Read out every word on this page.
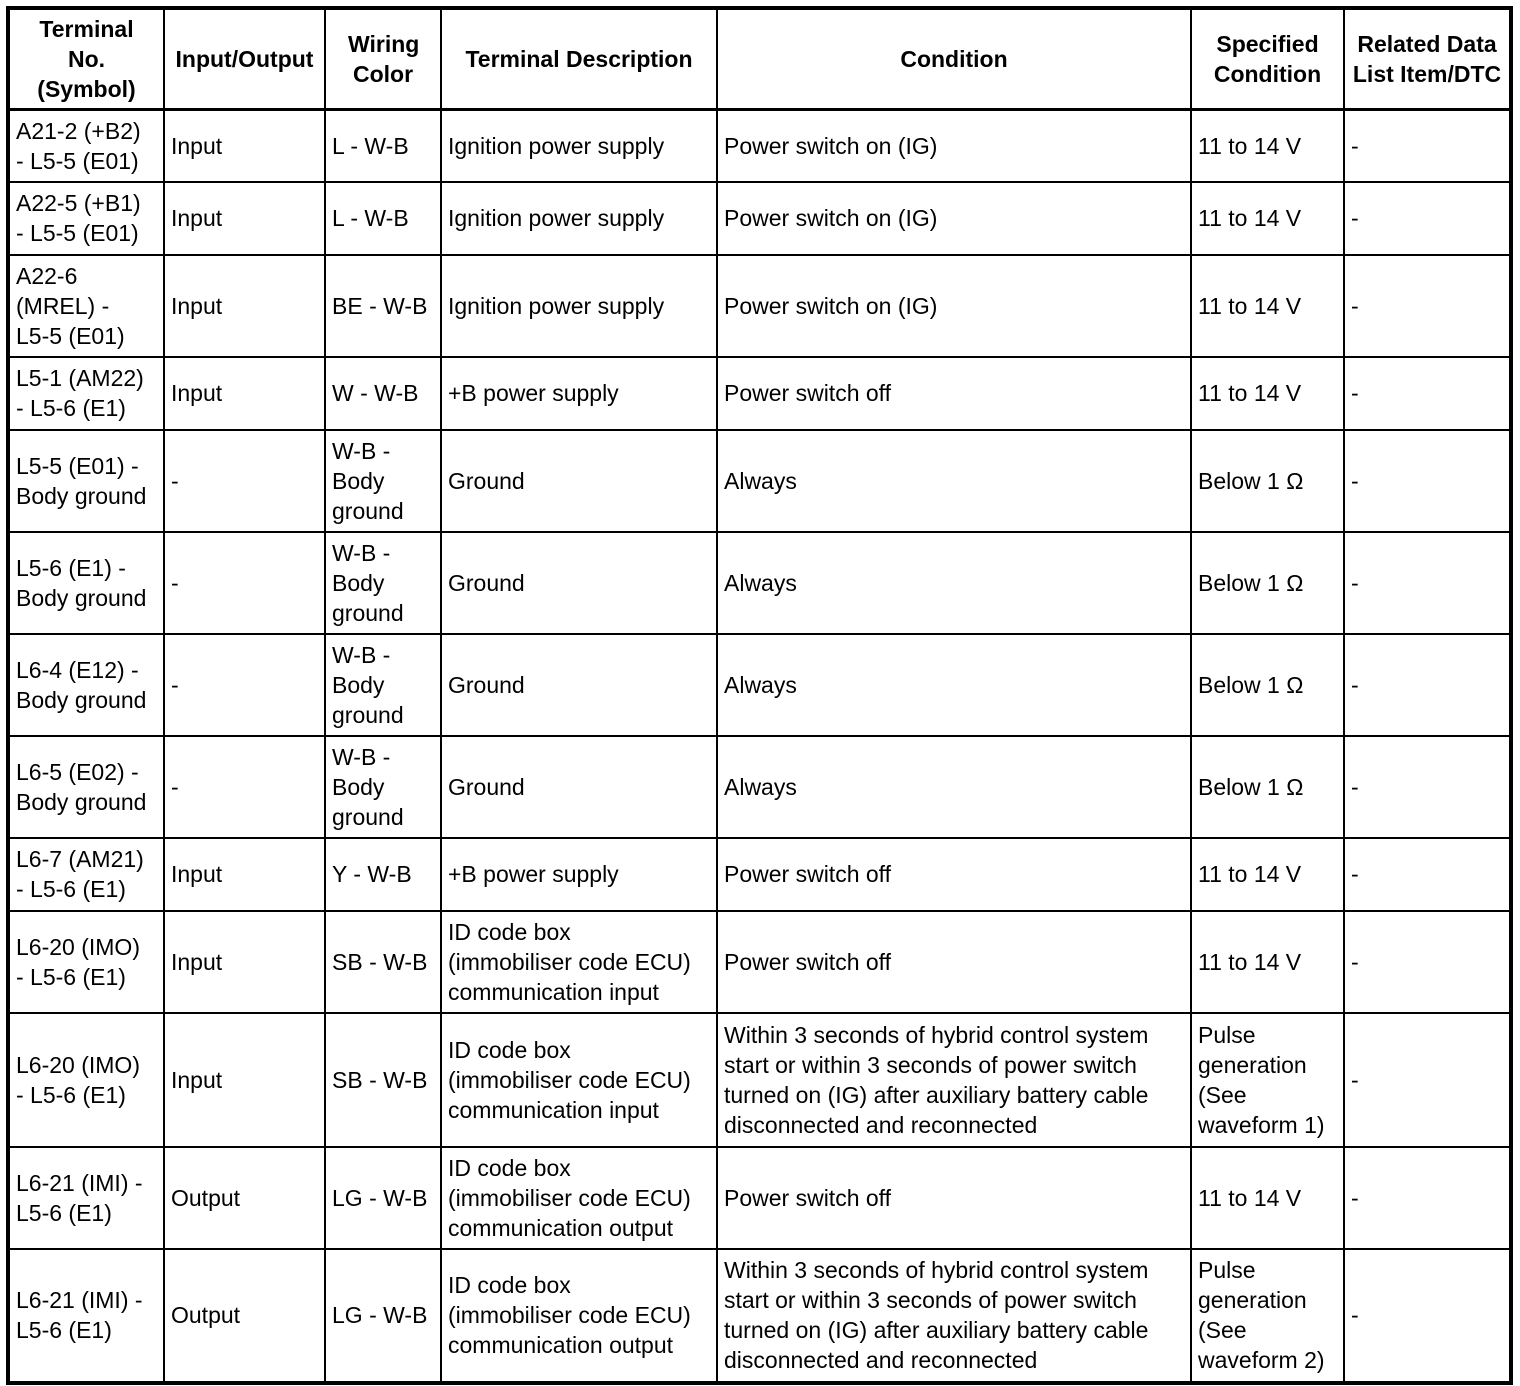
Terminal No. (Symbol)	Input/Output	Wiring Color	Terminal Description	Condition	Specified Condition	Related Data List Item/DTC
A21-2 (+B2)
- L5-5 (E01)	Input	L - W-B	Ignition power supply	Power switch on (IG)	11 to 14 V	-
A22-5 (+B1)
- L5-5 (E01)	Input	L - W-B	Ignition power supply	Power switch on (IG)	11 to 14 V	-
A22-6
(MREL) -
L5-5 (E01)	Input	BE - W-B	Ignition power supply	Power switch on (IG)	11 to 14 V	-
L5-1 (AM22)
- L5-6 (E1)	Input	W - W-B	+B power supply	Power switch off	11 to 14 V	-
L5-5 (E01) -
Body ground	-	W-B -
Body
ground	Ground	Always	Below 1 Ω	-
L5-6 (E1) -
Body ground	-	W-B -
Body
ground	Ground	Always	Below 1 Ω	-
L6-4 (E12) -
Body ground	-	W-B -
Body
ground	Ground	Always	Below 1 Ω	-
L6-5 (E02) -
Body ground	-	W-B -
Body
ground	Ground	Always	Below 1 Ω	-
L6-7 (AM21)
- L5-6 (E1)	Input	Y - W-B	+B power supply	Power switch off	11 to 14 V	-
L6-20 (IMO)
- L5-6 (E1)	Input	SB - W-B	ID code box
(immobiliser code ECU)
communication input	Power switch off	11 to 14 V	-
L6-20 (IMO)
- L5-6 (E1)	Input	SB - W-B	ID code box
(immobiliser code ECU)
communication input	Within 3 seconds of hybrid control system
start or within 3 seconds of power switch
turned on (IG) after auxiliary battery cable
disconnected and reconnected	Pulse
generation
(See
waveform 1)	-
L6-21 (IMI) -
L5-6 (E1)	Output	LG - W-B	ID code box
(immobiliser code ECU)
communication output	Power switch off	11 to 14 V	-
L6-21 (IMI) -
L5-6 (E1)	Output	LG - W-B	ID code box
(immobiliser code ECU)
communication output	Within 3 seconds of hybrid control system
start or within 3 seconds of power switch
turned on (IG) after auxiliary battery cable
disconnected and reconnected	Pulse
generation
(See
waveform 2)	-
